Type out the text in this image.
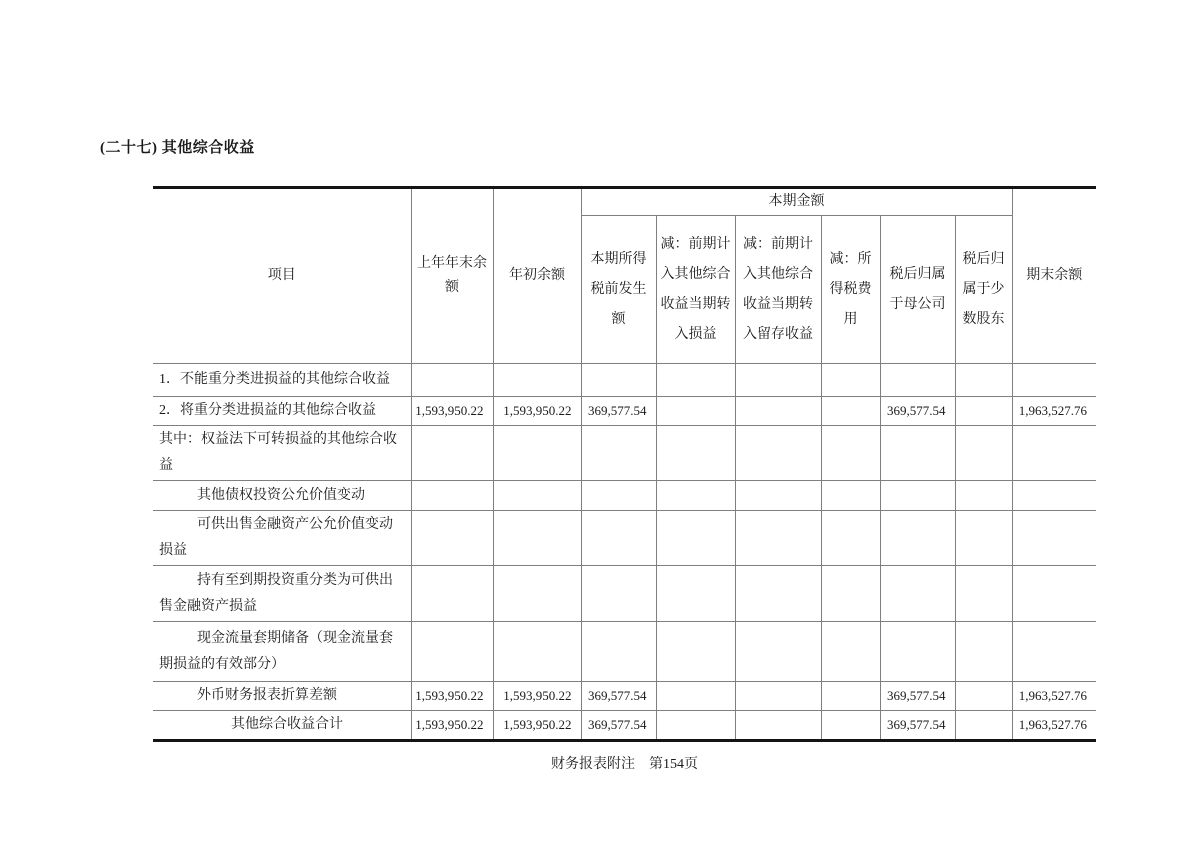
(二十七) 其他综合收益
项目	上年年末余额	年初余额	本期金额						期末余额
			本期所得税前发生额	减：前期计入其他综合收益当期转入损益	减：前期计入其他综合收益当期转入留存收益	减：所得税费用	税后归属于母公司	税后归属于少数股东	
1．不能重分类进损益的其他综合收益									
2．将重分类进损益的其他综合收益	1,593,950.22	1,593,950.22	369,577.54				369,577.54		1,963,527.76
其中：权益法下可转损益的其他综合收益									
其他债权投资公允价值变动									
可供出售金融资产公允价值变动损益									
持有至到期投资重分类为可供出售金融资产损益									
现金流量套期储备（现金流量套期损益的有效部分）									
外币财务报表折算差额	1,593,950.22	1,593,950.22	369,577.54				369,577.54		1,963,527.76
其他综合收益合计	1,593,950.22	1,593,950.22	369,577.54				369,577.54		1,963,527.76
财务报表附注　第154页
